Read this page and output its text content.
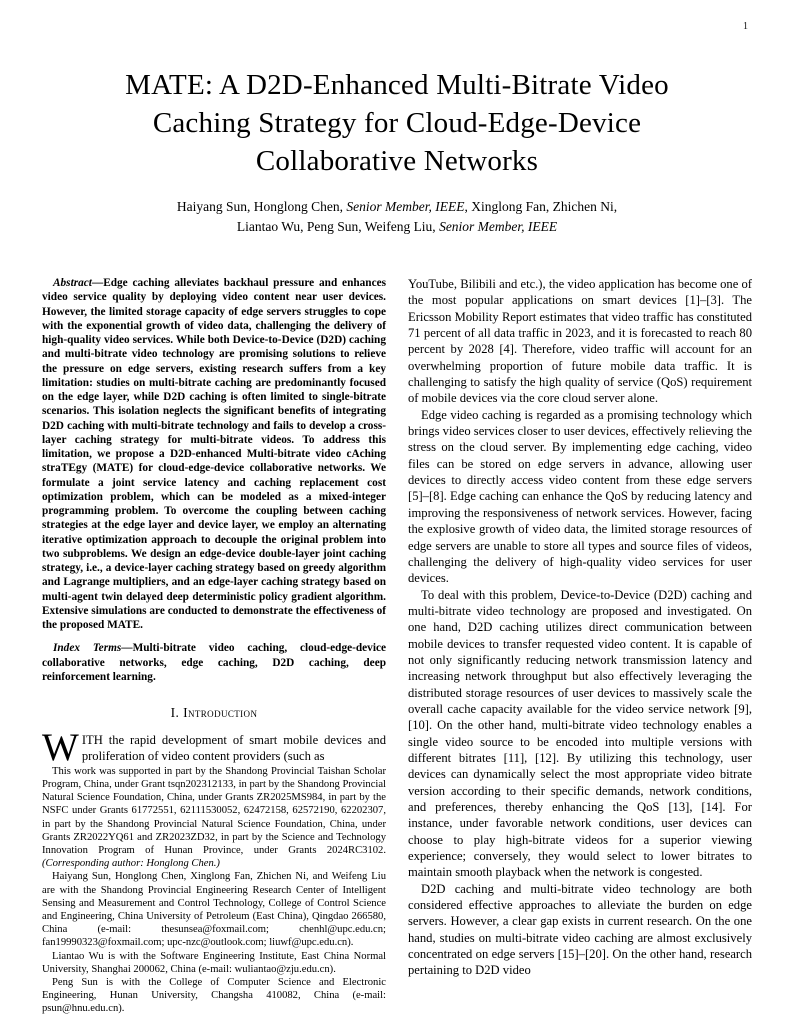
1
MATE: A D2D-Enhanced Multi-Bitrate Video
Caching Strategy for Cloud-Edge-Device
Collaborative Networks
Haiyang Sun, Honglong Chen, Senior Member, IEEE, Xinglong Fan, Zhichen Ni,
Liantao Wu, Peng Sun, Weifeng Liu, Senior Member, IEEE

Abstract—Edge caching alleviates backhaul pressure and enhances video service quality by deploying video content near user devices. However, the limited storage capacity of edge servers struggles to cope with the exponential growth of video data, challenging the delivery of high-quality video services. While both Device-to-Device (D2D) caching and multi-bitrate video technology are promising solutions to relieve the pressure on edge servers, existing research suffers from a key limitation: studies on multi-bitrate caching are predominantly focused on the edge layer, while D2D caching is often limited to single-bitrate scenarios. This isolation neglects the significant benefits of integrating D2D caching with multi-bitrate technology and fails to develop a cross-layer caching strategy for multi-bitrate videos. To address this limitation, we propose a D2D-enhanced Multi-bitrate video cAching straTEgy (MATE) for cloud-edge-device collaborative networks. We formulate a joint service latency and caching replacement cost optimization problem, which can be modeled as a mixed-integer programming problem. To overcome the coupling between caching strategies at the edge layer and device layer, we employ an alternating iterative optimization approach to decouple the original problem into two subproblems. We design an edge-device double-layer joint caching strategy, i.e., a device-layer caching strategy based on greedy algorithm and Lagrange multipliers, and an edge-layer caching strategy based on multi-agent twin delayed deep deterministic policy gradient algorithm. Extensive simulations are conducted to demonstrate the effectiveness of the proposed MATE.

Index Terms—Multi-bitrate video caching, cloud-edge-device collaborative networks, edge caching, D2D caching, deep reinforcement learning.

I. Introduction

WITH the rapid development of smart mobile devices and proliferation of video content providers (such as

This work was supported in part by the Shandong Provincial Taishan Scholar Program, China, under Grant tsqn202312133, in part by the Shandong Provincial Natural Science Foundation, China, under Grants ZR2025MS984, in part by the NSFC under Grants 61772551, 62111530052, 62472158, 62572190, 62202307, in part by the Shandong Provincial Natural Science Foundation, China, under Grants ZR2022YQ61 and ZR2023ZD32, in part by the Science and Technology Innovation Program of Hunan Province, under Grants 2024RC3102. (Corresponding author: Honglong Chen.)

Haiyang Sun, Honglong Chen, Xinglong Fan, Zhichen Ni, and Weifeng Liu are with the Shandong Provincial Engineering Research Center of Intelligent Sensing and Measurement and Control Technology, College of Control Science and Engineering, China University of Petroleum (East China), Qingdao 266580, China (e-mail: thesunsea@foxmail.com; chenhl@upc.edu.cn; fan19990323@foxmail.com; upc-nzc@outlook.com; liuwf@upc.edu.cn).

Liantao Wu is with the Software Engineering Institute, East China Normal University, Shanghai 200062, China (e-mail: wuliantao@zju.edu.cn).

Peng Sun is with the College of Computer Science and Electronic Engineering, Hunan University, Changsha 410082, China (e-mail: psun@hnu.edu.cn).

YouTube, Bilibili and etc.), the video application has become one of the most popular applications on smart devices [1]–[3]. The Ericsson Mobility Report estimates that video traffic has constituted 71 percent of all data traffic in 2023, and it is forecasted to reach 80 percent by 2028 [4]. Therefore, video traffic will account for an overwhelming proportion of future mobile data traffic. It is challenging to satisfy the high quality of service (QoS) requirement of mobile devices via the core cloud server alone.

Edge video caching is regarded as a promising technology which brings video services closer to user devices, effectively relieving the stress on the cloud server. By implementing edge caching, video files can be stored on edge servers in advance, allowing user devices to directly access video content from these edge servers [5]–[8]. Edge caching can enhance the QoS by reducing latency and improving the responsiveness of network services. However, facing the explosive growth of video data, the limited storage resources of edge servers are unable to store all types and source files of videos, challenging the delivery of high-quality video services for user devices.

To deal with this problem, Device-to-Device (D2D) caching and multi-bitrate video technology are proposed and investigated. On one hand, D2D caching utilizes direct communication between mobile devices to transfer requested video content. It is capable of not only significantly reducing network transmission latency and increasing network throughput but also effectively leveraging the distributed storage resources of user devices to massively scale the overall cache capacity available for the video service network [9], [10]. On the other hand, multi-bitrate video technology enables a single video source to be encoded into multiple versions with different bitrates [11], [12]. By utilizing this technology, user devices can dynamically select the most appropriate video bitrate version according to their specific demands, network conditions, and preferences, thereby enhancing the QoS [13], [14]. For instance, under favorable network conditions, user devices can choose to play high-bitrate videos for a superior viewing experience; conversely, they would select to lower bitrates to maintain smooth playback when the network is congested.

D2D caching and multi-bitrate video technology are both considered effective approaches to alleviate the burden on edge servers. However, a clear gap exists in current research. On the one hand, studies on multi-bitrate video caching are almost exclusively concentrated on edge servers [15]–[20]. On the other hand, research pertaining to D2D video
